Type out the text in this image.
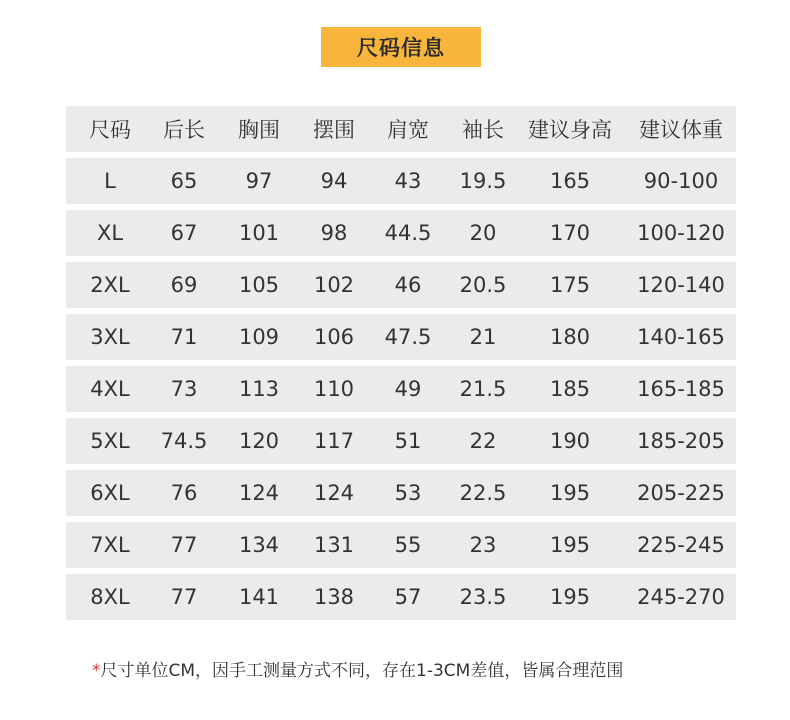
尺码信息
尺码	后长	胸围	摆围	肩宽	袖长	建议身高	建议体重
L	65	97	94	43	19.5	165	90-100
XL	67	101	98	44.5	20	170	100-120
2XL	69	105	102	46	20.5	175	120-140
3XL	71	109	106	47.5	21	180	140-165
4XL	73	113	110	49	21.5	185	165-185
5XL	74.5	120	117	51	22	190	185-205
6XL	76	124	124	53	22.5	195	205-225
7XL	77	134	131	55	23	195	225-245
8XL	77	141	138	57	23.5	195	245-270
*尺寸单位CM，因手工测量方式不同，存在1-3CM差值，皆属合理范围
